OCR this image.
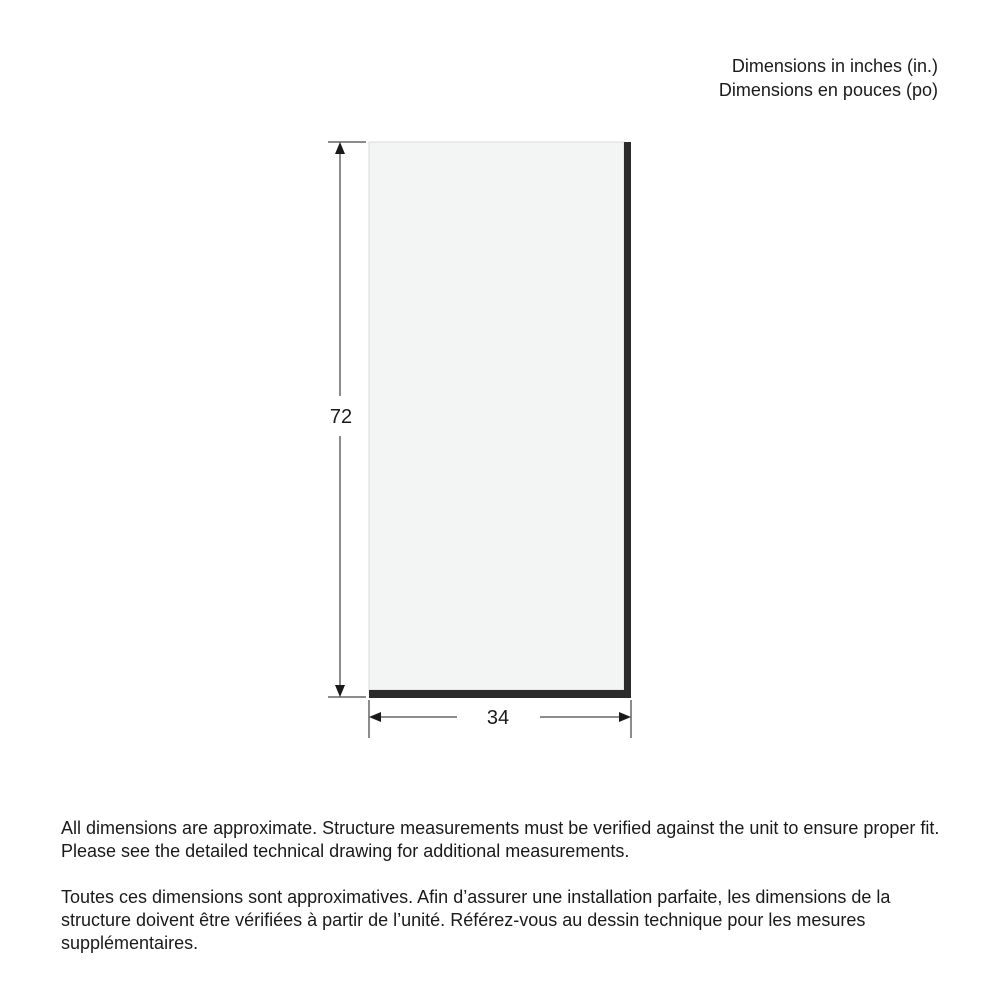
Dimensions in inches (in.)
Dimensions en pouces (po)
72
34

All dimensions are approximate. Structure measurements must be verified against the unit to ensure proper fit. Please see the detailed technical drawing for additional measurements.

Toutes ces dimensions sont approximatives. Afin d’assurer une installation parfaite, les dimensions de la structure doivent être vérifiées à partir de l’unité. Référez-vous au dessin technique pour les mesures supplémentaires.
